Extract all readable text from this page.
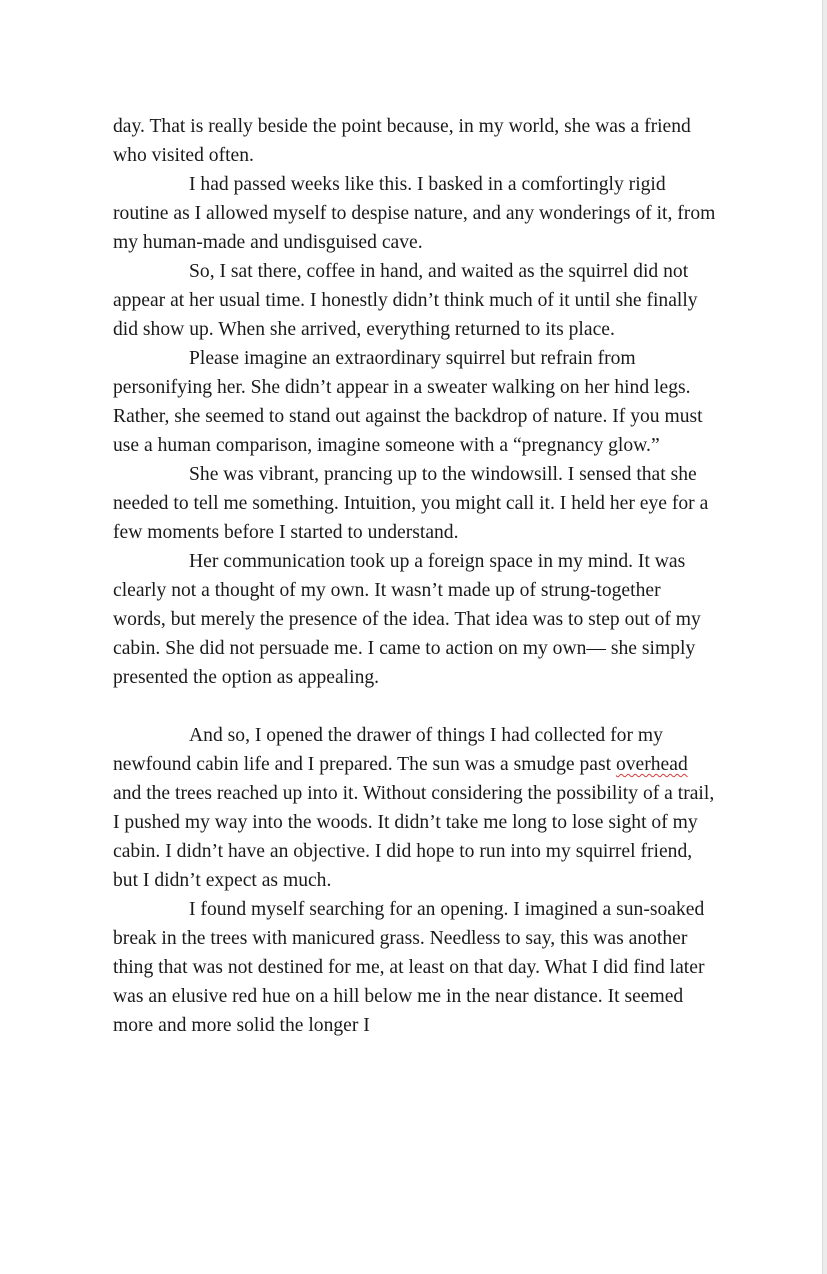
day. That is really beside the point because, in my world, she was a friend who visited often.

I had passed weeks like this. I basked in a comfortingly rigid routine as I allowed myself to despise nature, and any wonderings of it, from my human-made and undisguised cave.

So, I sat there, coffee in hand, and waited as the squirrel did not appear at her usual time. I honestly didn’t think much of it until she finally did show up. When she arrived, everything returned to its place.

Please imagine an extraordinary squirrel but refrain from personifying her. She didn’t appear in a sweater walking on her hind legs. Rather, she seemed to stand out against the backdrop of nature. If you must use a human comparison, imagine someone with a “pregnancy glow.”

She was vibrant, prancing up to the windowsill. I sensed that she needed to tell me something. Intuition, you might call it. I held her eye for a few moments before I started to understand.

Her communication took up a foreign space in my mind. It was clearly not a thought of my own. It wasn’t made up of strung-together words, but merely the presence of the idea. That idea was to step out of my cabin. She did not persuade me. I came to action on my own— she simply presented the option as appealing.

And so, I opened the drawer of things I had collected for my newfound cabin life and I prepared. The sun was a smudge past overhead and the trees reached up into it. Without considering the possibility of a trail, I pushed my way into the woods. It didn’t take me long to lose sight of my cabin. I didn’t have an objective. I did hope to run into my squirrel friend, but I didn’t expect as much.

I found myself searching for an opening. I imagined a sun-soaked break in the trees with manicured grass. Needless to say, this was another thing that was not destined for me, at least on that day. What I did find later was an elusive red hue on a hill below me in the near distance. It seemed more and more solid the longer I
